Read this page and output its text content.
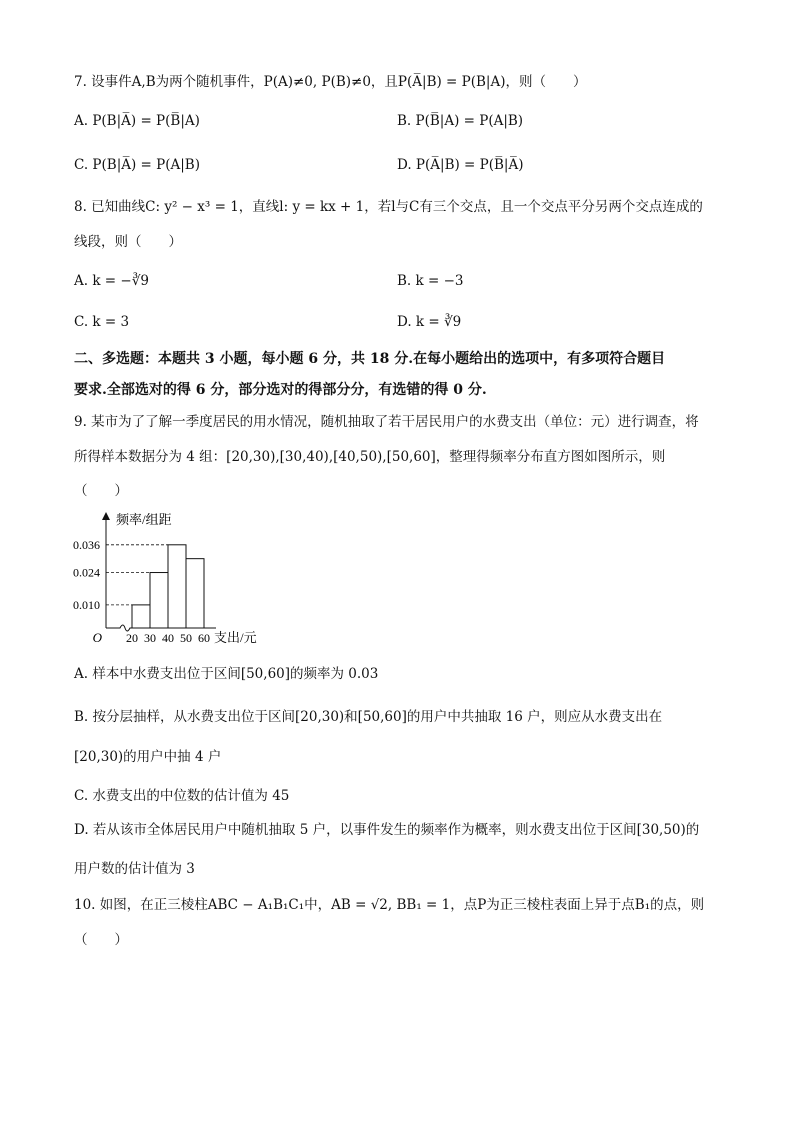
7. 设事件A,B为两个随机事件，P(A)≠0, P(B)≠0，且P(A̅|B) = P(B|A)，则（　　）
A. P(B|A̅) = P(B̅|A)	B. P(B̅|A) = P(A|B)
C. P(B|A̅) = P(A|B)	D. P(A̅|B) = P(B̅|A̅)
8. 已知曲线C: y² − x³ = 1，直线l: y = kx + 1，若l与C有三个交点，且一个交点平分另两个交点连成的
线段，则（　　）
A. k = −∛9	B. k = −3
C. k = 3	D. k = ∛9
二、多选题：本题共 3 小题，每小题 6 分，共 18 分.在每小题给出的选项中，有多项符合题目
要求.全部选对的得 6 分，部分选对的得部分分，有选错的得 0 分.
9. 某市为了了解一季度居民的用水情况，随机抽取了若干居民用户的水费支出（单位：元）进行调查，将
所得样本数据分为 4 组：[20,30),[30,40),[40,50),[50,60]，整理得频率分布直方图如图所示，则
（　　）
频率/组距
O	支出/元
0.036
0.024
0.010
20 30 40 50 60
A. 样本中水费支出位于区间[50,60]的频率为 0.03
B. 按分层抽样，从水费支出位于区间[20,30)和[50,60]的用户中共抽取 16 户，则应从水费支出在
[20,30)的用户中抽 4 户
C. 水费支出的中位数的估计值为 45
D. 若从该市全体居民用户中随机抽取 5 户，以事件发生的频率作为概率，则水费支出位于区间[30,50)的
用户数的估计值为 3
10. 如图，在正三棱柱ABC − A₁B₁C₁中，AB = √2, BB₁ = 1，点P为正三棱柱表面上异于点B₁的点，则
（　　）
